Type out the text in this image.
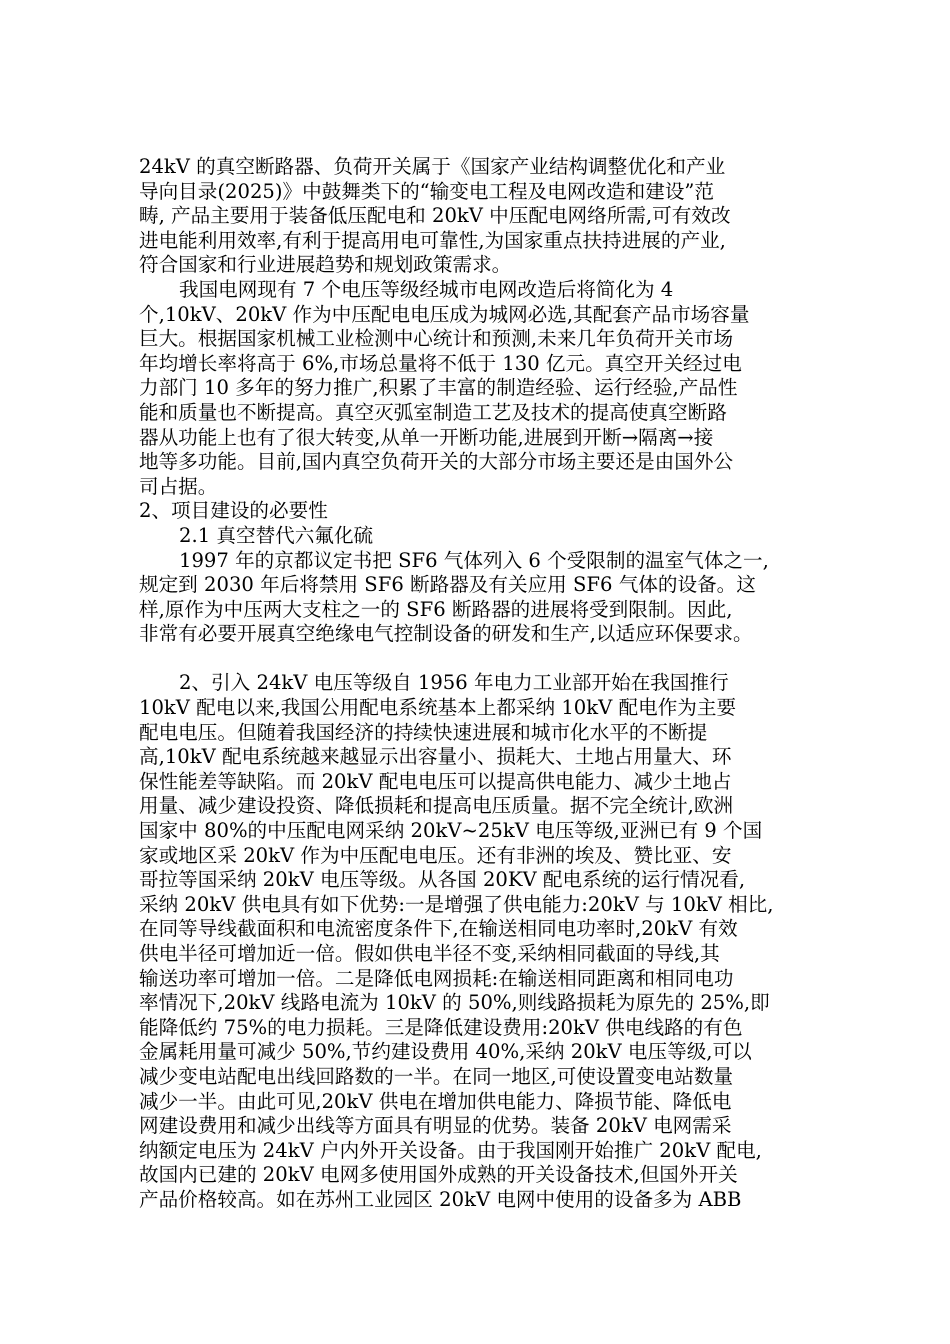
24kV 的真空断路器、负荷开关属于《国家产业结构调整优化和产业
导向目录(2025)》中鼓舞类下的“输变电工程及电网改造和建设”范
畴, 产品主要用于装备低压配电和 20kV 中压配电网络所需,可有效改
进电能利用效率,有利于提高用电可靠性,为国家重点扶持进展的产业,
符合国家和行业进展趋势和规划政策需求。
我国电网现有 7 个电压等级经城市电网改造后将简化为 4
个,10kV、20kV 作为中压配电电压成为城网必选,其配套产品市场容量
巨大。根据国家机械工业检测中心统计和预测,未来几年负荷开关市场
年均增长率将高于 6%,市场总量将不低于 130 亿元。真空开关经过电
力部门 10 多年的努力推广,积累了丰富的制造经验、运行经验,产品性
能和质量也不断提高。真空灭弧室制造工艺及技术的提高使真空断路
器从功能上也有了很大转变,从单一开断功能,进展到开断→隔离→接
地等多功能。目前,国内真空负荷开关的大部分市场主要还是由国外公
司占据。
2、项目建设的必要性
2.1 真空替代六氟化硫
1997 年的京都议定书把 SF6 气体列入 6 个受限制的温室气体之一,
规定到 2030 年后将禁用 SF6 断路器及有关应用 SF6 气体的设备。这
样,原作为中压两大支柱之一的 SF6 断路器的进展将受到限制。因此,
非常有必要开展真空绝缘电气控制设备的研发和生产,以适应环保要求。
2、引入 24kV 电压等级自 1956 年电力工业部开始在我国推行
10kV 配电以来,我国公用配电系统基本上都采纳 10kV 配电作为主要
配电电压。但随着我国经济的持续快速进展和城市化水平的不断提
高,10kV 配电系统越来越显示出容量小、损耗大、土地占用量大、环
保性能差等缺陷。而 20kV 配电电压可以提高供电能力、减少土地占
用量、减少建设投资、降低损耗和提高电压质量。据不完全统计,欧洲
国家中 80%的中压配电网采纳 20kV~25kV 电压等级,亚洲已有 9 个国
家或地区采 20kV 作为中压配电电压。还有非洲的埃及、赞比亚、安
哥拉等国采纳 20kV 电压等级。从各国 20KV 配电系统的运行情况看,
采纳 20kV 供电具有如下优势:一是增强了供电能力:20kV 与 10kV 相比,
在同等导线截面积和电流密度条件下,在输送相同电功率时,20kV 有效
供电半径可增加近一倍。假如供电半径不变,采纳相同截面的导线,其
输送功率可增加一倍。二是降低电网损耗:在输送相同距离和相同电功
率情况下,20kV 线路电流为 10kV 的 50%,则线路损耗为原先的 25%,即
能降低约 75%的电力损耗。三是降低建设费用:20kV 供电线路的有色
金属耗用量可减少 50%,节约建设费用 40%,采纳 20kV 电压等级,可以
减少变电站配电出线回路数的一半。在同一地区,可使设置变电站数量
减少一半。由此可见,20kV 供电在增加供电能力、降损节能、降低电
网建设费用和减少出线等方面具有明显的优势。装备 20kV 电网需采
纳额定电压为 24kV 户内外开关设备。由于我国刚开始推广 20kV 配电,
故国内已建的 20kV 电网多使用国外成熟的开关设备技术,但国外开关
产品价格较高。如在苏州工业园区 20kV 电网中使用的设备多为 ABB
